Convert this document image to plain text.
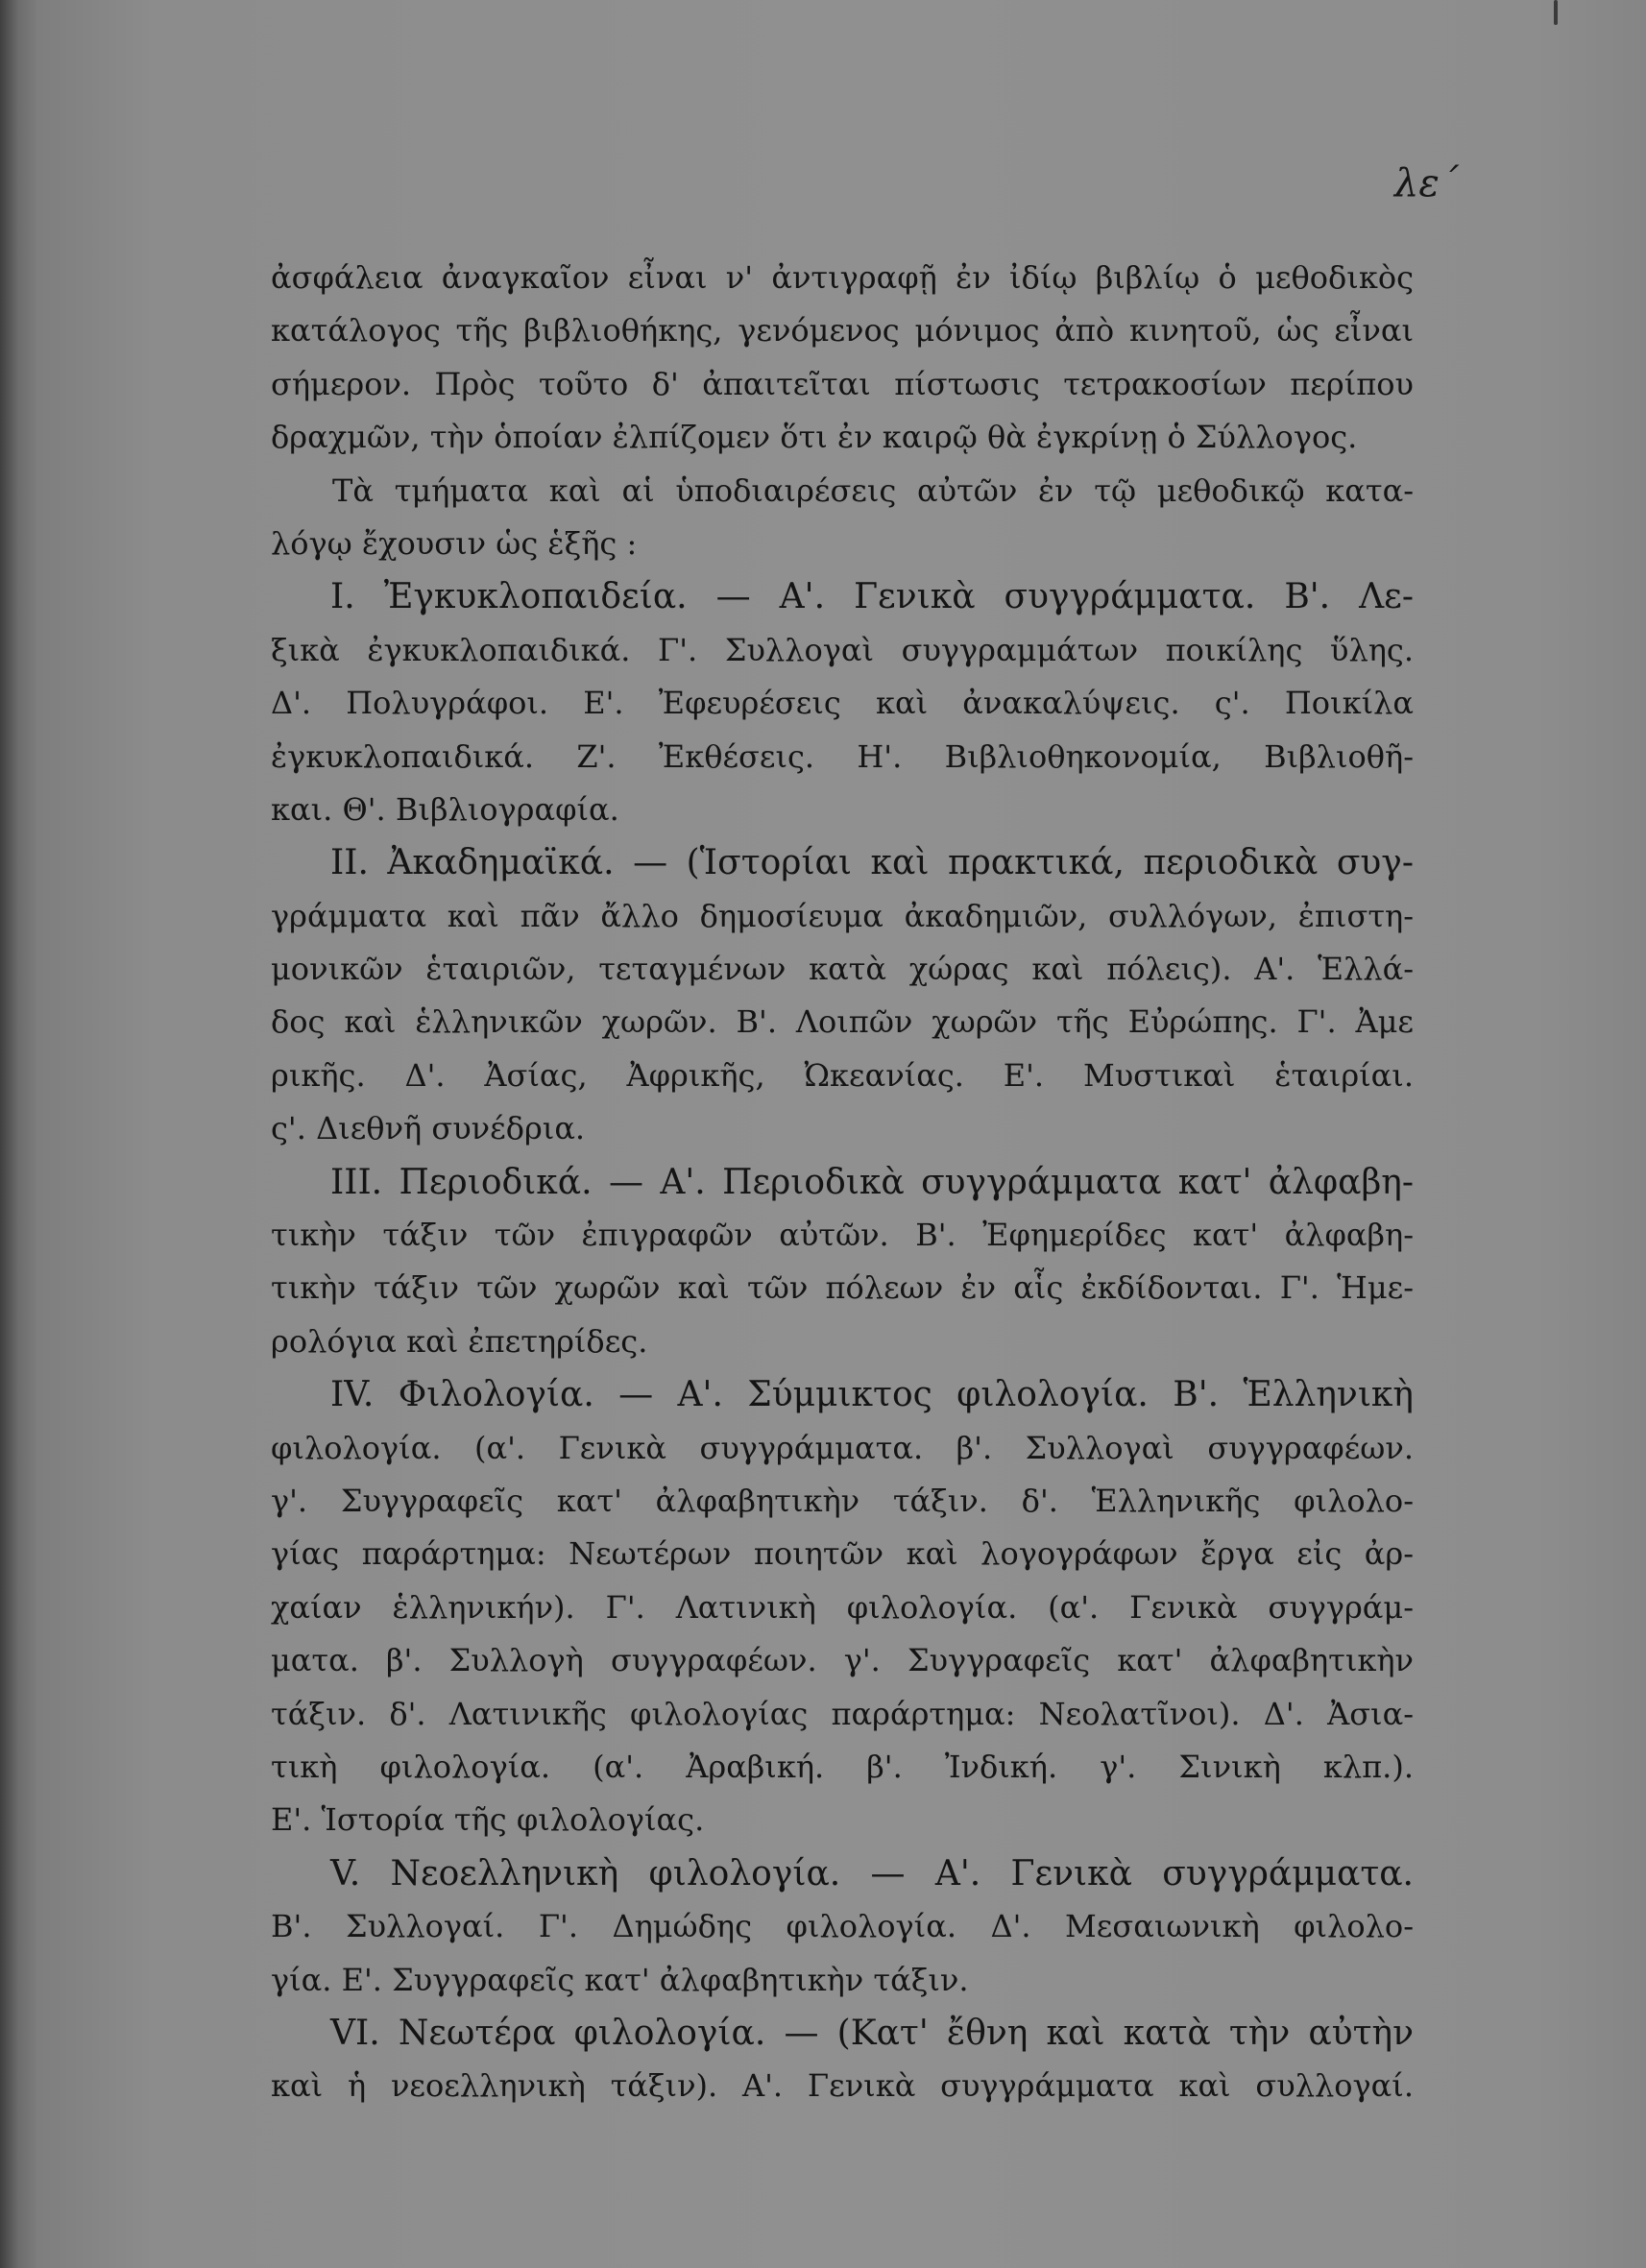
λε΄
ἀσφάλεια ἀναγκαῖον εἶναι ν' ἀντιγραφῇ ἐν ἰδίῳ βιβλίῳ ὁ μεθοδικὸς
κατάλογος τῆς βιβλιοθήκης, γενόμενος μόνιμος ἀπὸ κινητοῦ, ὡς εἶναι
σήμερον. Πρὸς τοῦτο δ' ἀπαιτεῖται πίστωσις τετρακοσίων περίπου
δραχμῶν, τὴν ὁποίαν ἐλπίζομεν ὅτι ἐν καιρῷ θὰ ἐγκρίνῃ ὁ Σύλλογος.
Τὰ τμήματα καὶ αἱ ὑποδιαιρέσεις αὐτῶν ἐν τῷ μεθοδικῷ κατα-
λόγῳ ἔχουσιν ὡς ἑξῆς :
I. Ἐγκυκλοπαιδεία. — Α'. Γενικὰ συγγράμματα. Β'. Λε-
ξικὰ ἐγκυκλοπαιδικά. Γ'. Συλλογαὶ συγγραμμάτων ποικίλης ὕλης.
Δ'. Πολυγράφοι. Ε'. Ἐφευρέσεις καὶ ἀνακαλύψεις. ς'. Ποικίλα
ἐγκυκλοπαιδικά. Ζ'. Ἐκθέσεις. Η'. Βιβλιοθηκονομία, Βιβλιοθῆ-
και. Θ'. Βιβλιογραφία.
II. Ἀκαδημαϊκά. — (Ἱστορίαι καὶ πρακτικά, περιοδικὰ συγ-
γράμματα καὶ πᾶν ἄλλο δημοσίευμα ἀκαδημιῶν, συλλόγων, ἐπιστη-
μονικῶν ἑταιριῶν, τεταγμένων κατὰ χώρας καὶ πόλεις). Α'. Ἑλλά-
δος καὶ ἑλληνικῶν χωρῶν. Β'. Λοιπῶν χωρῶν τῆς Εὐρώπης. Γ'. Ἀμε
ρικῆς. Δ'. Ἀσίας, Ἀφρικῆς, Ὠκεανίας. Ε'. Μυστικαὶ ἑταιρίαι.
ς'. Διεθνῆ συνέδρια.
III. Περιοδικά. — Α'. Περιοδικὰ συγγράμματα κατ' ἀλφαβη-
τικὴν τάξιν τῶν ἐπιγραφῶν αὐτῶν. Β'. Ἐφημερίδες κατ' ἀλφαβη-
τικὴν τάξιν τῶν χωρῶν καὶ τῶν πόλεων ἐν αἷς ἐκδίδονται. Γ'. Ἡμε-
ρολόγια καὶ ἐπετηρίδες.
IV. Φιλολογία. — Α'. Σύμμικτος φιλολογία. Β'. Ἑλληνικὴ
φιλολογία. (α'. Γενικὰ συγγράμματα. β'. Συλλογαὶ συγγραφέων.
γ'. Συγγραφεῖς κατ' ἀλφαβητικὴν τάξιν. δ'. Ἑλληνικῆς φιλολο-
γίας παράρτημα: Νεωτέρων ποιητῶν καὶ λογογράφων ἔργα εἰς ἀρ-
χαίαν ἑλληνικήν). Γ'. Λατινικὴ φιλολογία. (α'. Γενικὰ συγγράμ-
ματα. β'. Συλλογὴ συγγραφέων. γ'. Συγγραφεῖς κατ' ἀλφαβητικὴν
τάξιν. δ'. Λατινικῆς φιλολογίας παράρτημα: Νεολατῖνοι). Δ'. Ἀσια-
τικὴ φιλολογία. (α'. Ἀραβική. β'. Ἰνδική. γ'. Σινικὴ κλπ.).
Ε'. Ἱστορία τῆς φιλολογίας.
V. Νεοελληνικὴ φιλολογία. — Α'. Γενικὰ συγγράμματα.
Β'. Συλλογαί. Γ'. Δημώδης φιλολογία. Δ'. Μεσαιωνικὴ φιλολο-
γία. Ε'. Συγγραφεῖς κατ' ἀλφαβητικὴν τάξιν.
VI. Νεωτέρα φιλολογία. — (Κατ' ἔθνη καὶ κατὰ τὴν αὐτὴν
καὶ ἡ νεοελληνικὴ τάξιν). Α'. Γενικὰ συγγράμματα καὶ συλλογαί.
